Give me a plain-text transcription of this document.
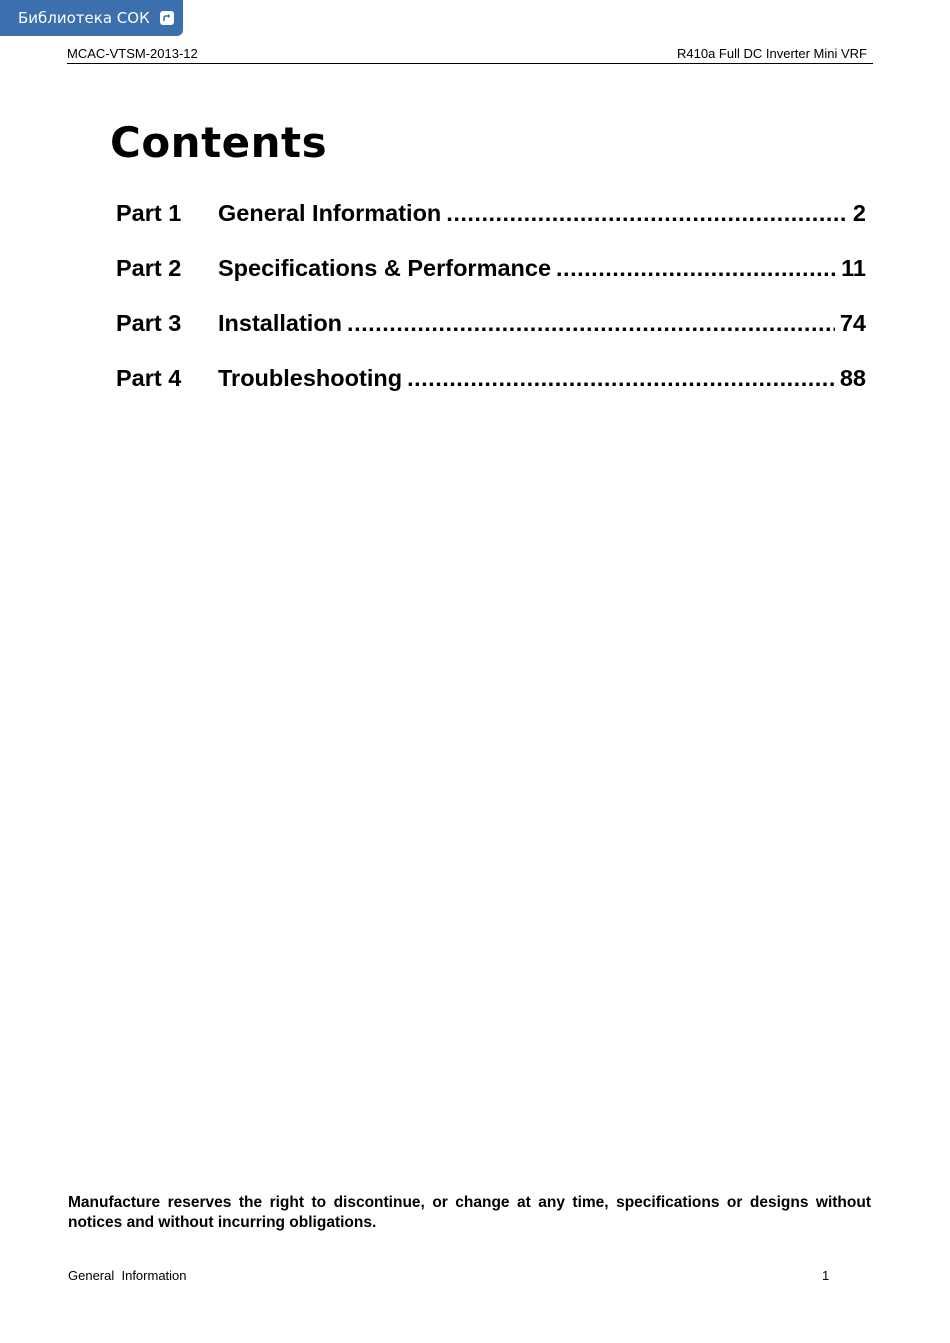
Библиотека СОК
MCAC-VTSM-2013-12	R410a Full DC Inverter Mini VRF
Contents
Part 1	General Information .....	2
Part 2	Specifications & Performance .....	11
Part 3	Installation .....	74
Part 4	Troubleshooting .....	88
Manufacture reserves the right to discontinue, or change at any time, specifications or designs without notices and without incurring obligations.
General  Information	1
